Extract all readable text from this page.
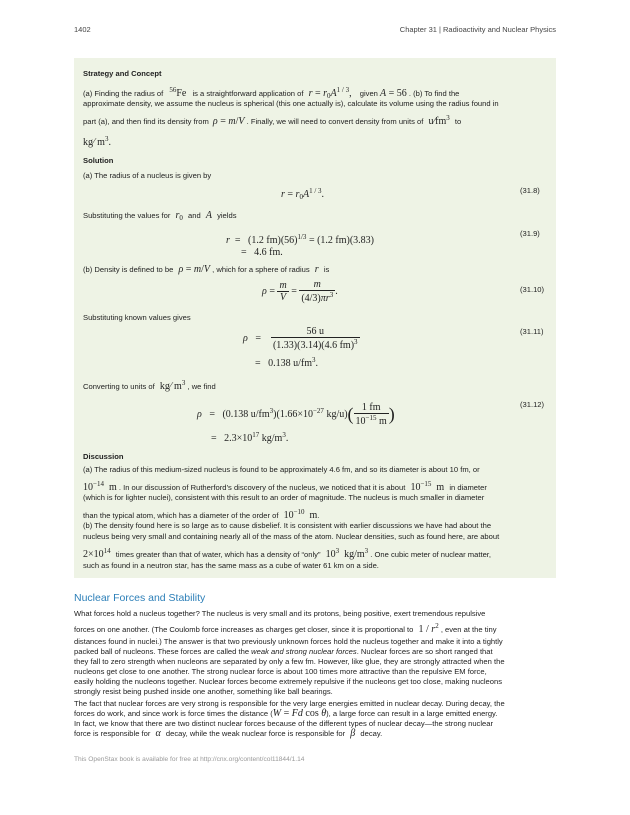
1402	Chapter 31 | Radioactivity and Nuclear Physics
Strategy and Concept
(a) Finding the radius of $^{56}$Fe is a straightforward application of r = r0A1 / 3, given A = 56 . (b) To find the
approximate density, we assume the nucleus is spherical (this one actually is), calculate its volume using the radius found in
part (a), and then find its density from ρ = m/V . Finally, we will need to convert density from units of $u⁄fm^3$ to
kg⁄ $m^3$.
Solution
(a) The radius of a nucleus is given by
$r = r_0A^{1 / 3}$.	(31.8)
Substituting the values for r0 and A yields
r  =   (1.2 $fm)(56)^{1/3} = (1.2$ fm)(3.83)
=   4.6 fm.
(31.9)
(b) Density is defined to be ρ = m/V , which for a sphere of radius r is
$\rho = \frac{m}{V} = \frac{m}{(4/3)\pi r^3}$ .	(31.10)
Substituting known values gives
$\rho = \frac{56 u}{(1.33)(3.14)(4.6 fm)^3}$
=   0.138 $u/fm^3$.
(31.11)
Converting to units of kg⁄ $m^3$ , we find
ρ   =   (0.138 $u/fm^3)(1.66\times 10^{-27}$ $kg/u)( \frac{1 fm}{10^{-15} m}$ )
=   $2.3\times 10^{17}$ $kg/m^3$.
(31.12)
Discussion
(a) The radius of this medium-sized nucleus is found to be approximately 4.6 fm, and so its diameter is about 10 fm, or
$10^{-14}$  m . In our discussion of Rutherford’s discovery of the nucleus, we noticed that it is about $10^{-15}$  m in diameter
(which is for lighter nuclei), consistent with this result to an order of magnitude. The nucleus is much smaller in diameter
than the typical atom, which has a diameter of the order of $10^{-10}$  m.
(b) The density found here is so large as to cause disbelief. It is consistent with earlier discussions we have had about the
nucleus being very small and containing nearly all of the mass of the atom. Nuclear densities, such as found here, are about
$2\times 10^{14}$ times greater than that of water, which has a density of “only” $10^3$  $kg/m^3$ . One cubic meter of nuclear matter,
such as found in a neutron star, has the same mass as a cube of water 61 km on a side.
Nuclear Forces and Stability
What forces hold a nucleus together? The nucleus is very small and its protons, being positive, exert tremendous repulsive
forces on one another. (The Coulomb force increases as charges get closer, since it is proportional to $1 / r^2$ , even at the tiny
distances found in nuclei.) The answer is that two previously unknown forces hold the nucleus together and make it into a tightly
packed ball of nucleons. These forces are called the weak and strong nuclear forces. Nuclear forces are so short ranged that
they fall to zero strength when nucleons are separated by only a few fm. However, like glue, they are strongly attracted when the
nucleons get close to one another. The strong nuclear force is about 100 times more attractive than the repulsive EM force,
easily holding the nucleons together. Nuclear forces become extremely repulsive if the nucleons get too close, making nucleons
strongly resist being pushed inside one another, something like ball bearings.
The fact that nuclear forces are very strong is responsible for the very large energies emitted in nuclear decay. During decay, the
forces do work, and since work is force times the distance (W = Fd cos θ), a large force can result in a large emitted energy.
In fact, we know that there are two distinct nuclear forces because of the different types of nuclear decay—the strong nuclear
force is responsible for α decay, while the weak nuclear force is responsible for β decay.
This OpenStax book is available for free at http://cnx.org/content/col11844/1.14
